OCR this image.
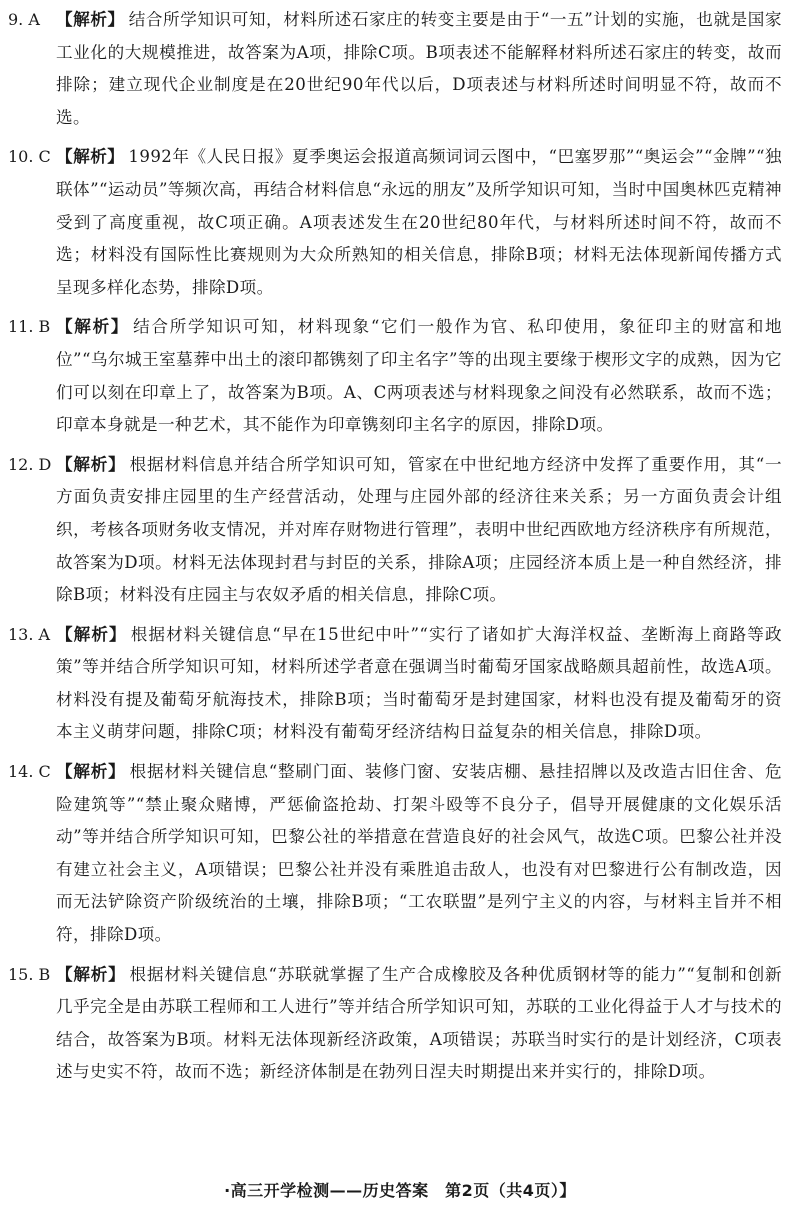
9. A 【解析】 结合所学知识可知，材料所述石家庄的转变主要是由于“一五”计划的实施，也就是国家工业化的大规模推进，故答案为A项，排除C项。B项表述不能解释材料所述石家庄的转变，故而排除；建立现代企业制度是在20世纪90年代以后，D项表述与材料所述时间明显不符，故而不选。
10. C 【解析】 1992年《人民日报》夏季奥运会报道高频词词云图中，“巴塞罗那”“奥运会”“金牌”“独联体”“运动员”等频次高，再结合材料信息“永远的朋友”及所学知识可知，当时中国奥林匹克精神受到了高度重视，故C项正确。A项表述发生在20世纪80年代，与材料所述时间不符，故而不选；材料没有国际性比赛规则为大众所熟知的相关信息，排除B项；材料无法体现新闻传播方式呈现多样化态势，排除D项。
11. B 【解析】 结合所学知识可知，材料现象“它们一般作为官、私印使用，象征印主的财富和地位”“乌尔城王室墓葬中出土的滚印都镌刻了印主名字”等的出现主要缘于楔形文字的成熟，因为它们可以刻在印章上了，故答案为B项。A、C两项表述与材料现象之间没有必然联系，故而不选；印章本身就是一种艺术，其不能作为印章镌刻印主名字的原因，排除D项。
12. D 【解析】 根据材料信息并结合所学知识可知，管家在中世纪地方经济中发挥了重要作用，其“一方面负责安排庄园里的生产经营活动，处理与庄园外部的经济往来关系；另一方面负责会计组织，考核各项财务收支情况，并对库存财物进行管理”，表明中世纪西欧地方经济秩序有所规范，故答案为D项。材料无法体现封君与封臣的关系，排除A项；庄园经济本质上是一种自然经济，排除B项；材料没有庄园主与农奴矛盾的相关信息，排除C项。
13. A 【解析】 根据材料关键信息“早在15世纪中叶”“实行了诸如扩大海洋权益、垄断海上商路等政策”等并结合所学知识可知，材料所述学者意在强调当时葡萄牙国家战略颇具超前性，故选A项。材料没有提及葡萄牙航海技术，排除B项；当时葡萄牙是封建国家，材料也没有提及葡萄牙的资本主义萌芽问题，排除C项；材料没有葡萄牙经济结构日益复杂的相关信息，排除D项。
14. C 【解析】 根据材料关键信息“整刷门面、装修门窗、安装店棚、悬挂招牌以及改造古旧住舍、危险建筑等”“禁止聚众赌博，严惩偷盗抢劫、打架斗殴等不良分子，倡导开展健康的文化娱乐活动”等并结合所学知识可知，巴黎公社的举措意在营造良好的社会风气，故选C项。巴黎公社并没有建立社会主义，A项错误；巴黎公社并没有乘胜追击敌人，也没有对巴黎进行公有制改造，因而无法铲除资产阶级统治的土壤，排除B项；“工农联盟”是列宁主义的内容，与材料主旨并不相符，排除D项。
15. B 【解析】 根据材料关键信息“苏联就掌握了生产合成橡胶及各种优质钢材等的能力”“复制和创新几乎完全是由苏联工程师和工人进行”等并结合所学知识可知，苏联的工业化得益于人才与技术的结合，故答案为B项。材料无法体现新经济政策，A项错误；苏联当时实行的是计划经济，C项表述与史实不符，故而不选；新经济体制是在勃列日涅夫时期提出来并实行的，排除D项。
·高三开学检测——历史答案　第2页（共4页）】
